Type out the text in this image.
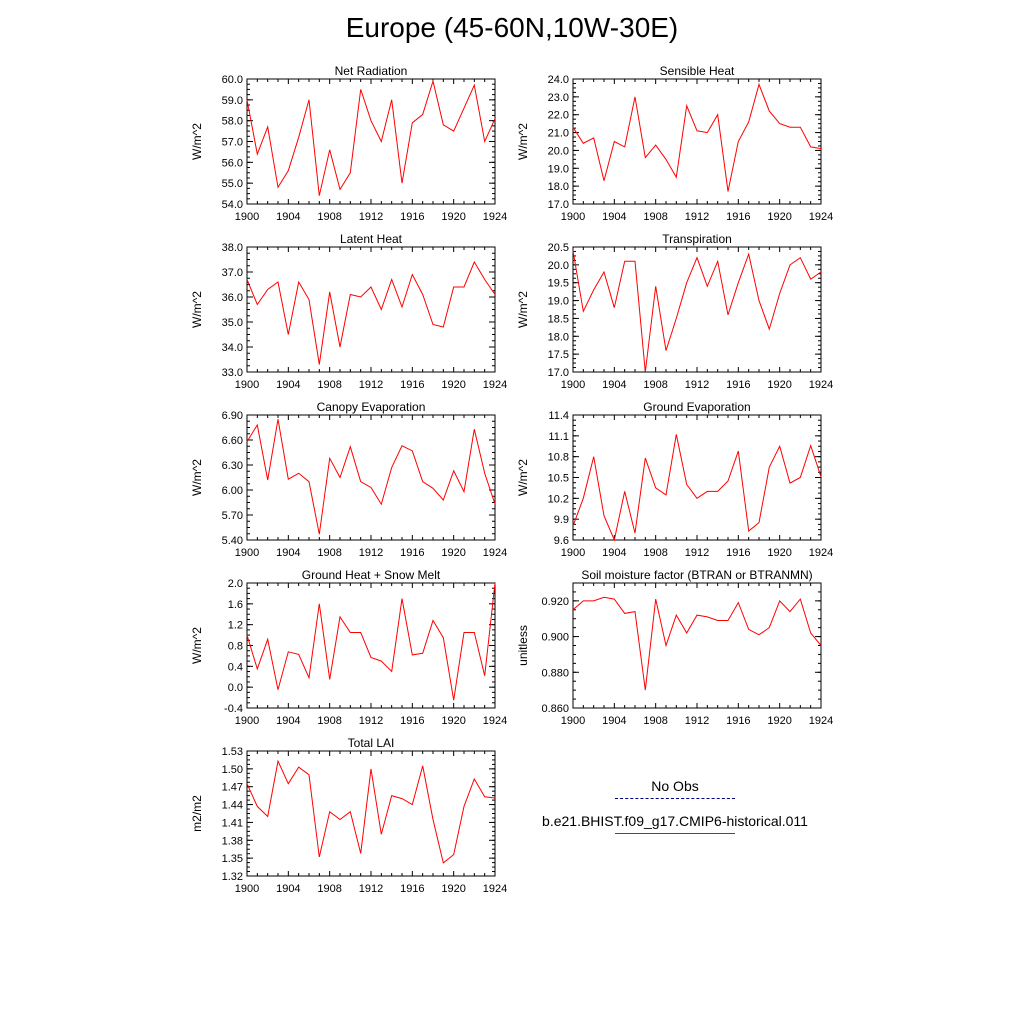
Europe (45-60N,10W-30E)
1900 1904 1908 1912 1916 1920 1924
54.0
55.0
56.0
57.0
58.0
59.0
60.0
Net Radiation
W/m^2
1900 1904 1908 1912 1916 1920 1924
17.0
18.0
19.0
20.0
21.0
22.0
23.0
24.0
Sensible Heat
W/m^2
1900 1904 1908 1912 1916 1920 1924
33.0
34.0
35.0
36.0
37.0
38.0
Latent Heat
W/m^2
1900 1904 1908 1912 1916 1920 1924
17.0
17.5
18.0
18.5
19.0
19.5
20.0
20.5
Transpiration
W/m^2
1900 1904 1908 1912 1916 1920 1924
5.40
5.70
6.00
6.30
6.60
6.90
Canopy Evaporation
W/m^2
1900 1904 1908 1912 1916 1920 1924
9.6
9.9
10.2
10.5
10.8
11.1
11.4
Ground Evaporation
W/m^2
1900 1904 1908 1912 1916 1920 1924
-0.4
0.0
0.4
0.8
1.2
1.6
2.0
Ground Heat + Snow Melt
W/m^2
1900 1904 1908 1912 1916 1920 1924
0.860
0.880
0.900
0.920
Soil moisture factor (BTRAN or BTRANMN)
unitless
1900 1904 1908 1912 1916 1920 1924
1.32
1.35
1.38
1.41
1.44
1.47
1.50
1.53
Total LAI
m2/m2
No Obs
b.e21.BHIST.f09_g17.CMIP6-historical.011
